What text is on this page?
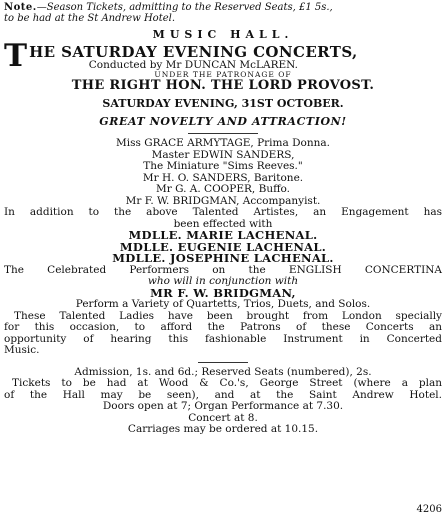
Note.—Season Tickets, admitting to the Reserved Seats, £1 5s.,
to be had at the St Andrew Hotel.
MUSIC HALL.
T HE SATURDAY EVENING CONCERTS,
Conducted by Mr DUNCAN McLAREN.
UNDER THE PATRONAGE OF
THE RIGHT HON. THE LORD PROVOST.
SATURDAY EVENING, 31ST OCTOBER.
GREAT NOVELTY AND ATTRACTION!
Miss GRACE ARMYTAGE, Prima Donna.
Master EDWIN SANDERS,
The Miniature "Sims Reeves."
Mr H. O. SANDERS, Baritone.
Mr G. A. COOPER, Buffo.
Mr F. W. BRIDGMAN, Accompanyist.
In addition to the above Talented Artistes, an Engagement has
been effected with
MDLLE. MARIE LACHENAL.
MDLLE. EUGENIE LACHENAL.
MDLLE. JOSEPHINE LACHENAL.
The Celebrated Performers on the ENGLISH CONCERTINA
who will in conjunction with
MR F. W. BRIDGMAN,
Perform a Variety of Quartetts, Trios, Duets, and Solos.
These Talented Ladies have been brought from London specially
for this occasion, to afford the Patrons of these Concerts an
opportunity of hearing this fashionable Instrument in Concerted
Music.
Admission, 1s. and 6d.; Reserved Seats (numbered), 2s.
Tickets to be had at Wood & Co.'s, George Street (where a plan
of the Hall may be seen), and at the Saint Andrew Hotel.
Doors open at 7; Organ Performance at 7.30.
Concert at 8.
Carriages may be ordered at 10.15.
4206
